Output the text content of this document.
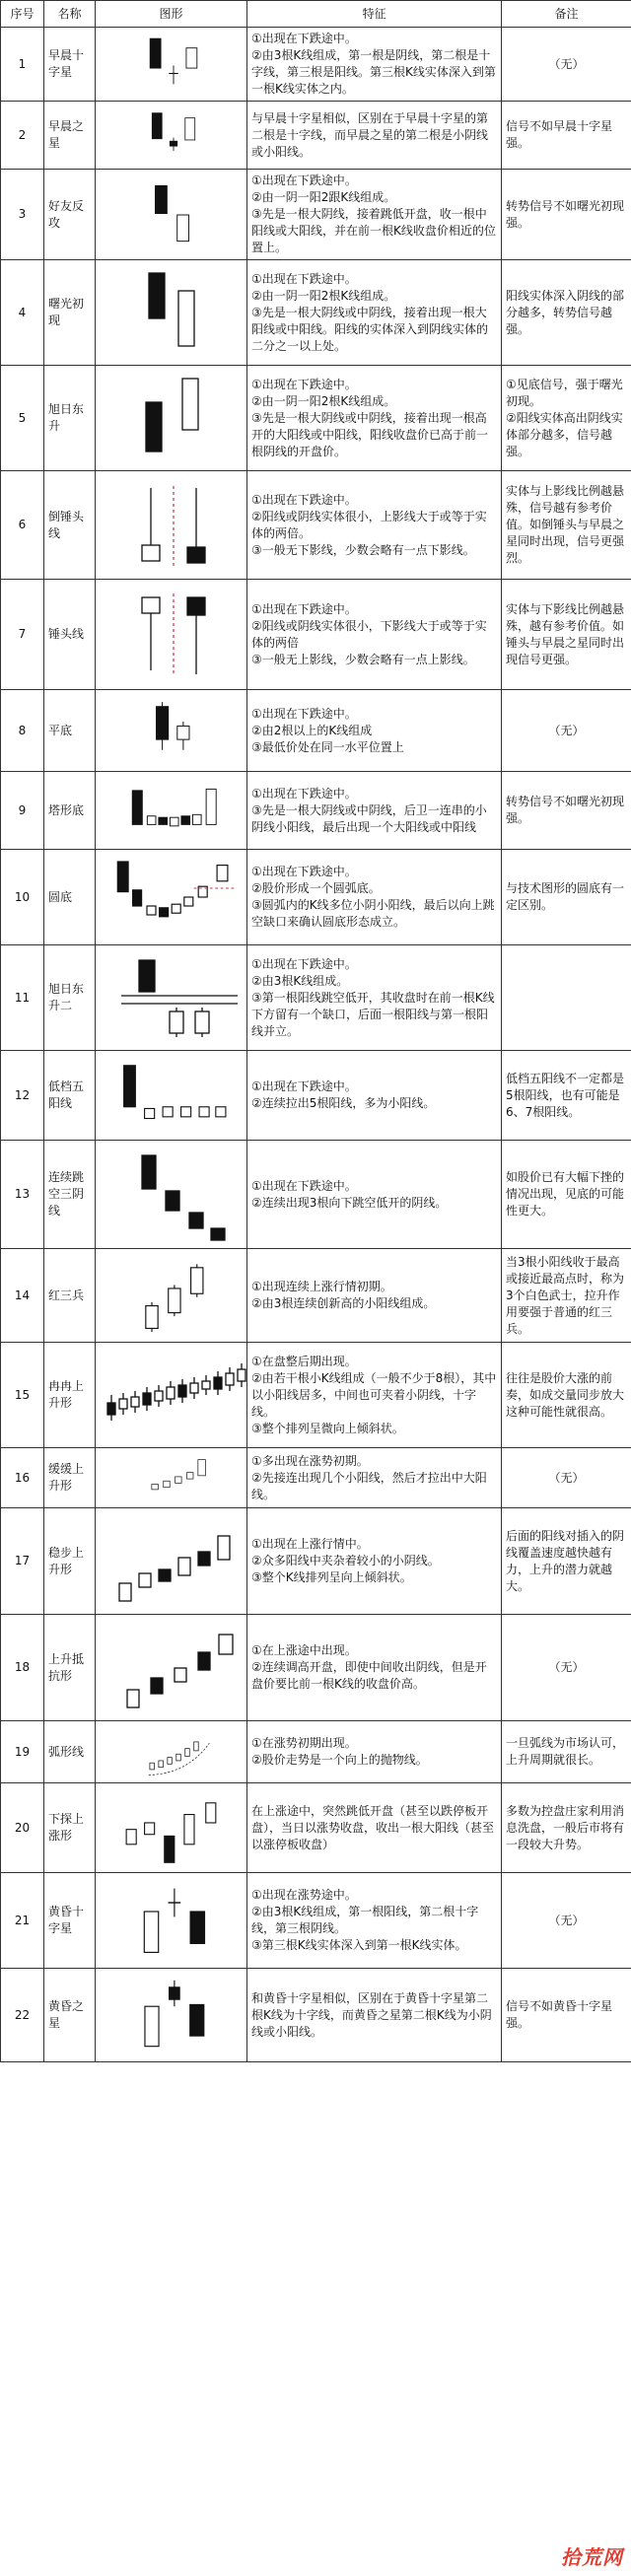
序号	名称	图形	特征	备注
1	早晨十字星		①出现在下跌途中。
②由3根K线组成，第一根是阴线，第二根是十字线，第三根是阳线。第三根K线实体深入到第一根K线实体之内。	（无）

2	早晨之星		与早晨十字星相似，区别在于早晨十字星的第二根是十字线，而早晨之星的第二根是小阴线或小阳线。	信号不如早晨十字星强。

3	好友反攻		①出现在下跌途中。
②由一阴一阳2跟K线组成。
③先是一根大阴线，接着跳低开盘，收一根中阳线或大阳线，并在前一根K线收盘价相近的位置上。	转势信号不如曙光初现强。

4	曙光初现		①出现在下跌途中。
②由一阴一阳2根K线组成。
③先是一根大阴线或中阴线，接着出现一根大阳线或中阳线。阳线的实体深入到阴线实体的二分之一以上处。	阳线实体深入阴线的部分越多，转势信号越强。

5	旭日东升		①出现在下跌途中。
②由一阴一阳2根K线组成。
③先是一根大阴线或中阴线，接着出现一根高开的大阳线或中阳线，阳线收盘价已高于前一根阴线的开盘价。	①见底信号，强于曙光初现。
②阳线实体高出阴线实体部分越多，信号越强。

6	倒锤头线		①出现在下跌途中。
②阳线或阴线实体很小，上影线大于或等于实体的两倍。
③一般无下影线，少数会略有一点下影线。	实体与上影线比例越悬殊，信号越有参考价值。如倒锤头与早晨之星同时出现，信号更强烈。

7	锤头线		①出现在下跌途中。
②阳线或阴线实体很小，下影线大于或等于实体的两倍
③一般无上影线，少数会略有一点上影线。	实体与下影线比例越悬殊，越有参考价值。如锤头与早晨之星同时出现信号更强。

8	平底		①出现在下跌途中。
②由2根以上的K线组成
③最低价处在同一水平位置上	（无）

9	塔形底		①出现在下跌途中。
③先是一根大阴线或中阴线，后卫一连串的小阴线小阳线，最后出现一个大阳线或中阳线	转势信号不如曙光初现强。

10	圆底		①出现在下跌途中。
②股价形成一个圆弧底。
③圆弧内的K线多位小阴小阳线，最后以向上跳空缺口来确认圆底形态成立。	与技术图形的圆底有一定区别。

11	旭日东升二		①出现在下跌途中。
②由3根K线组成。
③第一根阳线跳空低开，其收盘时在前一根K线下方留有一个缺口，后面一根阳线与第一根阳线并立。	

12	低档五阳线		①出现在下跌途中。
②连续拉出5根阳线，多为小阳线。	低档五阳线不一定都是5根阳线，也有可能是6、7根阳线。

13	连续跳空三阴线		①出现在下跌途中。
②连续出现3根向下跳空低开的阴线。	如股价已有大幅下挫的情况出现，见底的可能性更大。

14	红三兵		①出现连续上涨行情初期。
②由3根连续创新高的小阳线组成。	当3根小阳线收于最高或接近最高点时，称为3个白色武士，拉升作用要强于普通的红三兵。

15	冉冉上升形		①在盘整后期出现。
②由若干根小K线组成（一般不少于8根），其中以小阳线居多，中间也可夹着小阴线，十字线。
③整个排列呈微向上倾斜状。	往往是股价大涨的前奏，如成交量同步放大这种可能性就很高。

16	缓缓上升形		①多出现在涨势初期。
②先接连出现几个小阳线，然后才拉出中大阳线。	（无）

17	稳步上升形		①出现在上涨行情中。
②众多阳线中夹杂着较小的小阴线。
③整个K线排列呈向上倾斜状。	后面的阳线对插入的阴线覆盖速度越快越有力，上升的潜力就越大。

18	上升抵抗形		①在上涨途中出现。
②连续调高开盘，即使中间收出阴线，但是开盘价要比前一根K线的收盘价高。	（无）

19	弧形线		①在涨势初期出现。
②股价走势是一个向上的抛物线。	一旦弧线为市场认可，上升周期就很长。

20	下探上涨形		在上涨途中，突然跳低开盘（甚至以跌停板开盘），当日以涨势收盘，收出一根大阳线（甚至以涨停板收盘）	多数为控盘庄家利用消息洗盘，一般后市将有一段较大升势。

21	黄昏十字星		①出现在涨势途中。
②由3根K线组成，第一根阳线，第二根十字线，第三根阴线。
③第三根K线实体深入到第一根K线实体。	（无）

22	黄昏之星		和黄昏十字星相似，区别在于黄昏十字星第二根K线为十字线，而黄昏之星第二根K线为小阴线或小阳线。	信号不如黄昏十字星强。
拾荒网
